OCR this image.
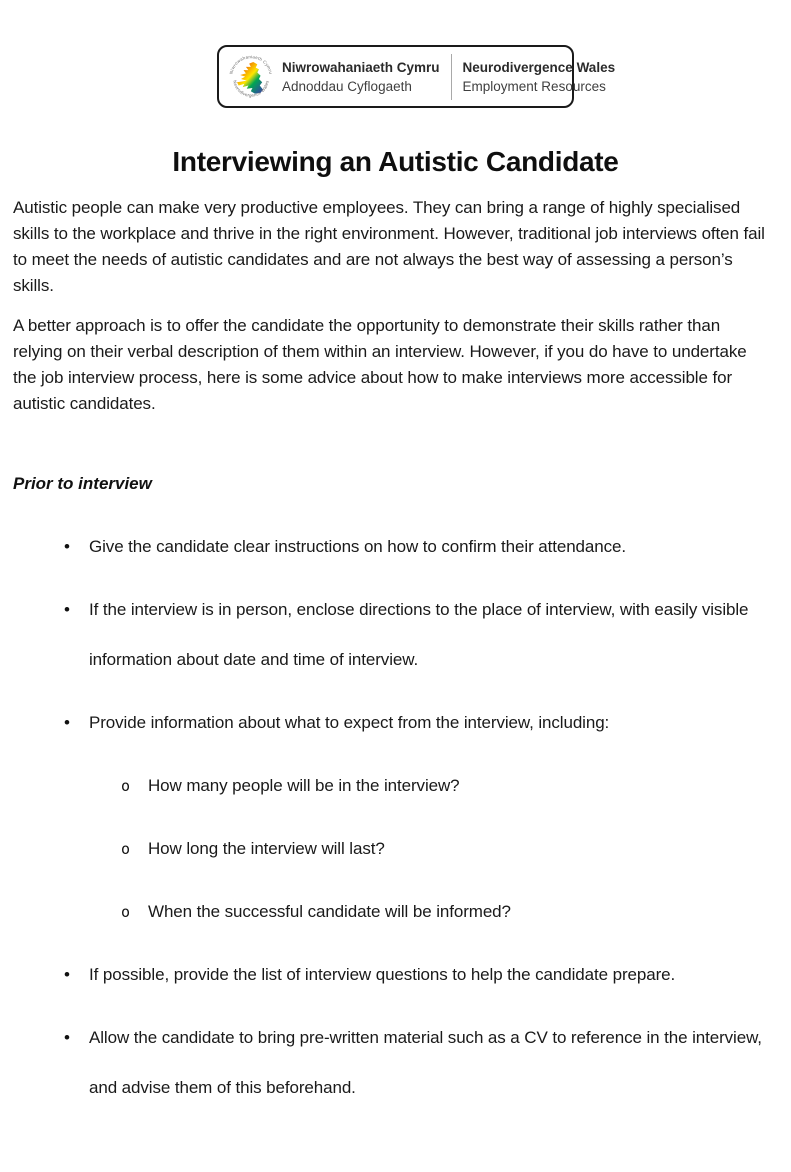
Niwrowahaniaeth Cymru
Neurodivergence Wales
Niwrowahaniaeth Cymru
Adnoddau Cyflogaeth
Neurodivergence Wales
Employment Resources
Interviewing an Autistic Candidate

Autistic people can make very productive employees. They can bring a range of highly specialised skills to the workplace and thrive in the right environment. However, traditional job interviews often fail to meet the needs of autistic candidates and are not always the best way of assessing a person’s skills.

A better approach is to offer the candidate the opportunity to demonstrate their skills rather than relying on their verbal description of them within an interview. However, if you do have to undertake the job interview process, here is some advice about how to make interviews more accessible for autistic candidates.

Prior to interview
•	Give the candidate clear instructions on how to confirm their attendance.
•	If the interview is in person, enclose directions to the place of interview, with easily visible information about date and time of interview.
•	Provide information about what to expect from the interview, including:
o	How many people will be in the interview?
o	How long the interview will last?
o	When the successful candidate will be informed?
•	If possible, provide the list of interview questions to help the candidate prepare.
•	Allow the candidate to bring pre-written material such as a CV to reference in the interview, and advise them of this beforehand.
